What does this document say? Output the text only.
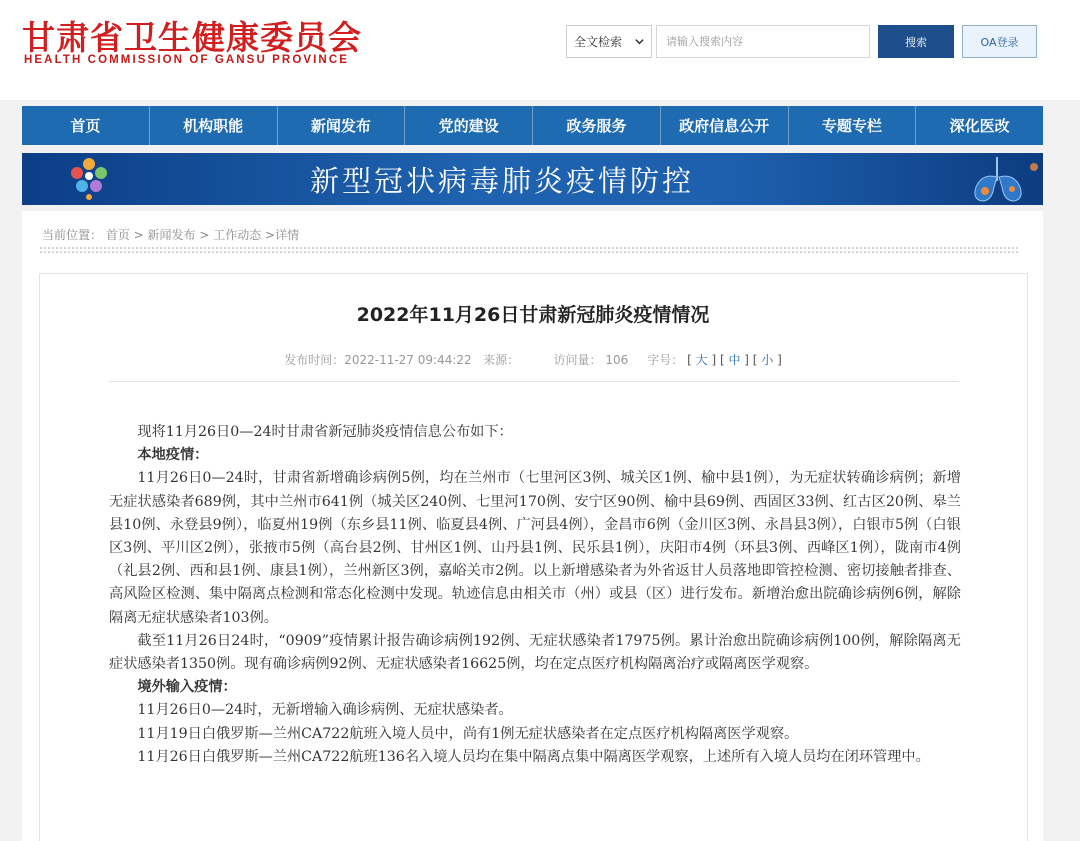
甘肃省卫生健康委员会
HEALTH COMMISSION OF GANSU PROVINCE
全文检索
请输入搜索内容	搜索	OA登录
首页	机构职能	新闻发布	党的建设	政务服务	政府信息公开	专题专栏	深化医改
新型冠状病毒肺炎疫情防控
当前位置： 首页 > 新闻发布 > 工作动态 >详情
2022年11月26日甘肃新冠肺炎疫情情况
发布时间：2022-11-27 09:44:22 来源：	访问量： 106 字号： [ 大 ] [ 中 ] [ 小 ]

现将11月26日0—24时甘肃省新冠肺炎疫情信息公布如下：

本地疫情：

11月26日0—24时，甘肃省新增确诊病例5例，均在兰州市（七里河区3例、城关区1例、榆中县1例），为无症状转确诊病例；新增无症状感染者689例，其中兰州市641例（城关区240例、七里河170例、安宁区90例、榆中县69例、西固区33例、红古区20例、皋兰县10例、永登县9例），临夏州19例（东乡县11例、临夏县4例、广河县4例），金昌市6例（金川区3例、永昌县3例），白银市5例（白银区3例、平川区2例），张掖市5例（高台县2例、甘州区1例、山丹县1例、民乐县1例），庆阳市4例（环县3例、西峰区1例），陇南市4例（礼县2例、西和县1例、康县1例），兰州新区3例，嘉峪关市2例。以上新增感染者为外省返甘人员落地即管控检测、密切接触者排查、高风险区检测、集中隔离点检测和常态化检测中发现。轨迹信息由相关市（州）或县（区）进行发布。新增治愈出院确诊病例6例，解除隔离无症状感染者103例。

截至11月26日24时，“0909”疫情累计报告确诊病例192例、无症状感染者17975例。累计治愈出院确诊病例100例，解除隔离无症状感染者1350例。现有确诊病例92例、无症状感染者16625例，均在定点医疗机构隔离治疗或隔离医学观察。

境外输入疫情：

11月26日0—24时，无新增输入确诊病例、无症状感染者。

11月19日白俄罗斯—兰州CA722航班入境人员中，尚有1例无症状感染者在定点医疗机构隔离医学观察。

11月26日白俄罗斯—兰州CA722航班136名入境人员均在集中隔离点集中隔离医学观察，上述所有入境人员均在闭环管理中。
